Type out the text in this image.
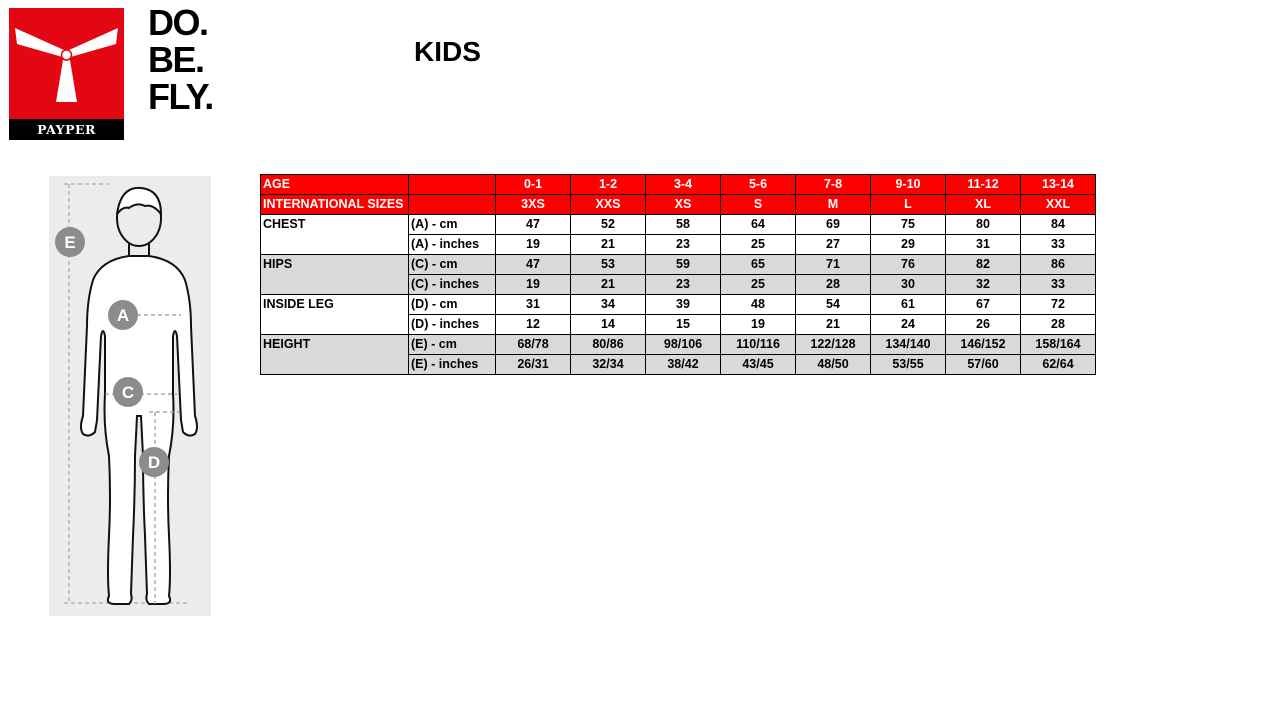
PAYPER
DO.
BE.
FLY.
KIDS
E
A
C
D
AGE		0-1	1-2	3-4	5-6	7-8	9-10	11-12	13-14
INTERNATIONAL SIZES		3XS	XXS	XS	S	M	L	XL	XXL
CHEST	(A) - cm	47	52	58	64	69	75	80	84
	(A) - inches	19	21	23	25	27	29	31	33
HIPS	(C) - cm	47	53	59	65	71	76	82	86
	(C) - inches	19	21	23	25	28	30	32	33
INSIDE LEG	(D) - cm	31	34	39	48	54	61	67	72
	(D) - inches	12	14	15	19	21	24	26	28
HEIGHT	(E) - cm	68/78	80/86	98/106	110/116	122/128	134/140	146/152	158/164
	(E) - inches	26/31	32/34	38/42	43/45	48/50	53/55	57/60	62/64
